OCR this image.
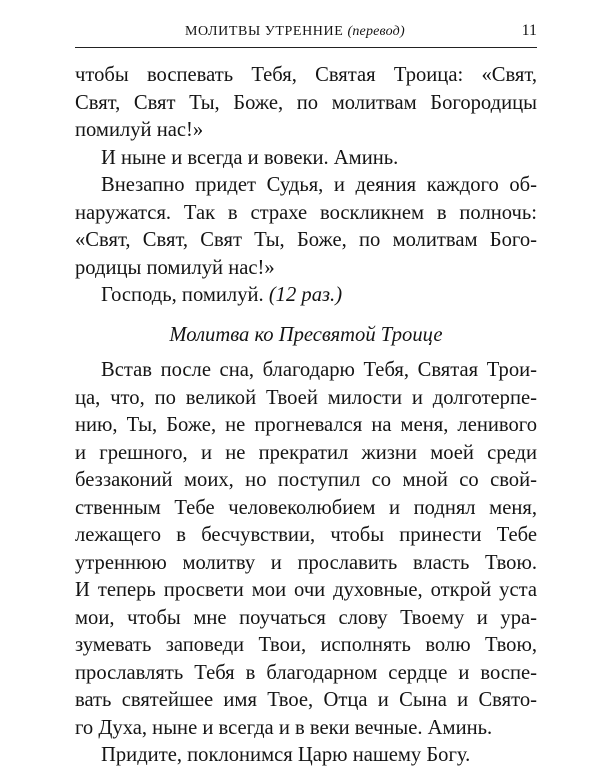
МОЛИТВЫ УТРЕННИЕ (перевод)	11
чтобы воспевать Тебя, Святая Троица: «Свят,
Свят, Свят Ты, Боже, по молитвам Богородицы
помилуй нас!»
И ныне и всегда и вовеки. Аминь.
Внезапно придет Судья, и деяния каждого об-
наружатся. Так в страхе воскликнем в полночь:
«Свят, Свят, Свят Ты, Боже, по молитвам Бого-
родицы помилуй нас!»
Господь, помилуй. (12 раз.)
Молитва ко Пресвятой Троице
Встав после сна, благодарю Тебя, Святая Трои-
ца, что, по великой Твоей милости и долготерпе-
нию, Ты, Боже, не прогневался на меня, ленивого
и грешного, и не прекратил жизни моей среди
беззаконий моих, но поступил со мной со свой-
ственным Тебе человеколюбием и поднял меня,
лежащего в бесчувствии, чтобы принести Тебе
утреннюю молитву и прославить власть Твою.
И теперь просвети мои очи духовные, открой уста
мои, чтобы мне поучаться слову Твоему и ура-
зумевать заповеди Твои, исполнять волю Твою,
прославлять Тебя в благодарном сердце и воспе-
вать святейшее имя Твое, Отца и Сына и Свято-
го Духа, ныне и всегда и в веки вечные. Аминь.
Придите, поклонимся Царю нашему Богу.
